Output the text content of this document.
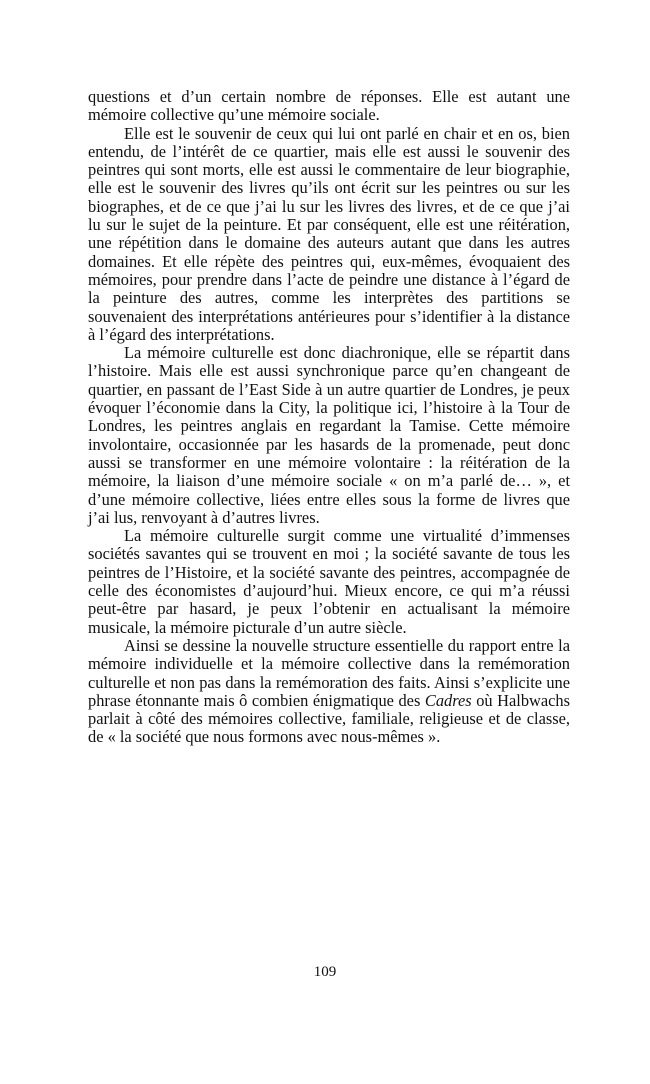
questions et d’un certain nombre de réponses. Elle est autant une mémoire collective qu’une mémoire sociale.

Elle est le souvenir de ceux qui lui ont parlé en chair et en os, bien entendu, de l’intérêt de ce quartier, mais elle est aussi le souvenir des peintres qui sont morts, elle est aussi le commentaire de leur biographie, elle est le souvenir des livres qu’ils ont écrit sur les peintres ou sur les biographes, et de ce que j’ai lu sur les livres des livres, et de ce que j’ai lu sur le sujet de la peinture. Et par conséquent, elle est une réitération, une répétition dans le domaine des auteurs autant que dans les autres domaines. Et elle répète des peintres qui, eux-mêmes, évoquaient des mémoires, pour prendre dans l’acte de peindre une distance à l’égard de la peinture des autres, comme les interprètes des partitions se souvenaient des interprétations antérieures pour s’identifier à la distance à l’égard des interprétations.

La mémoire culturelle est donc diachronique, elle se répartit dans l’histoire. Mais elle est aussi synchronique parce qu’en changeant de quartier, en passant de l’East Side à un autre quartier de Londres, je peux évoquer l’économie dans la City, la politique ici, l’histoire à la Tour de Londres, les peintres anglais en regardant la Tamise. Cette mémoire involontaire, occasionnée par les hasards de la promenade, peut donc aussi se transformer en une mémoire volontaire : la réitération de la mémoire, la liaison d’une mémoire sociale « on m’a parlé de… », et d’une mémoire collective, liées entre elles sous la forme de livres que j’ai lus, renvoyant à d’autres livres.

La mémoire culturelle surgit comme une virtualité d’immenses sociétés savantes qui se trouvent en moi ; la société savante de tous les peintres de l’Histoire, et la société savante des peintres, accompagnée de celle des économistes d’aujourd’hui. Mieux encore, ce qui m’a réussi peut-être par hasard, je peux l’obtenir en actualisant la mémoire musicale, la mémoire picturale d’un autre siècle.

Ainsi se dessine la nouvelle structure essentielle du rapport entre la mémoire individuelle et la mémoire collective dans la remémoration culturelle et non pas dans la remémoration des faits. Ainsi s’explicite une phrase étonnante mais ô combien énigmatique des Cadres où Halbwachs parlait à côté des mémoires collective, familiale, religieuse et de classe, de « la société que nous formons avec nous-mêmes ».

109
